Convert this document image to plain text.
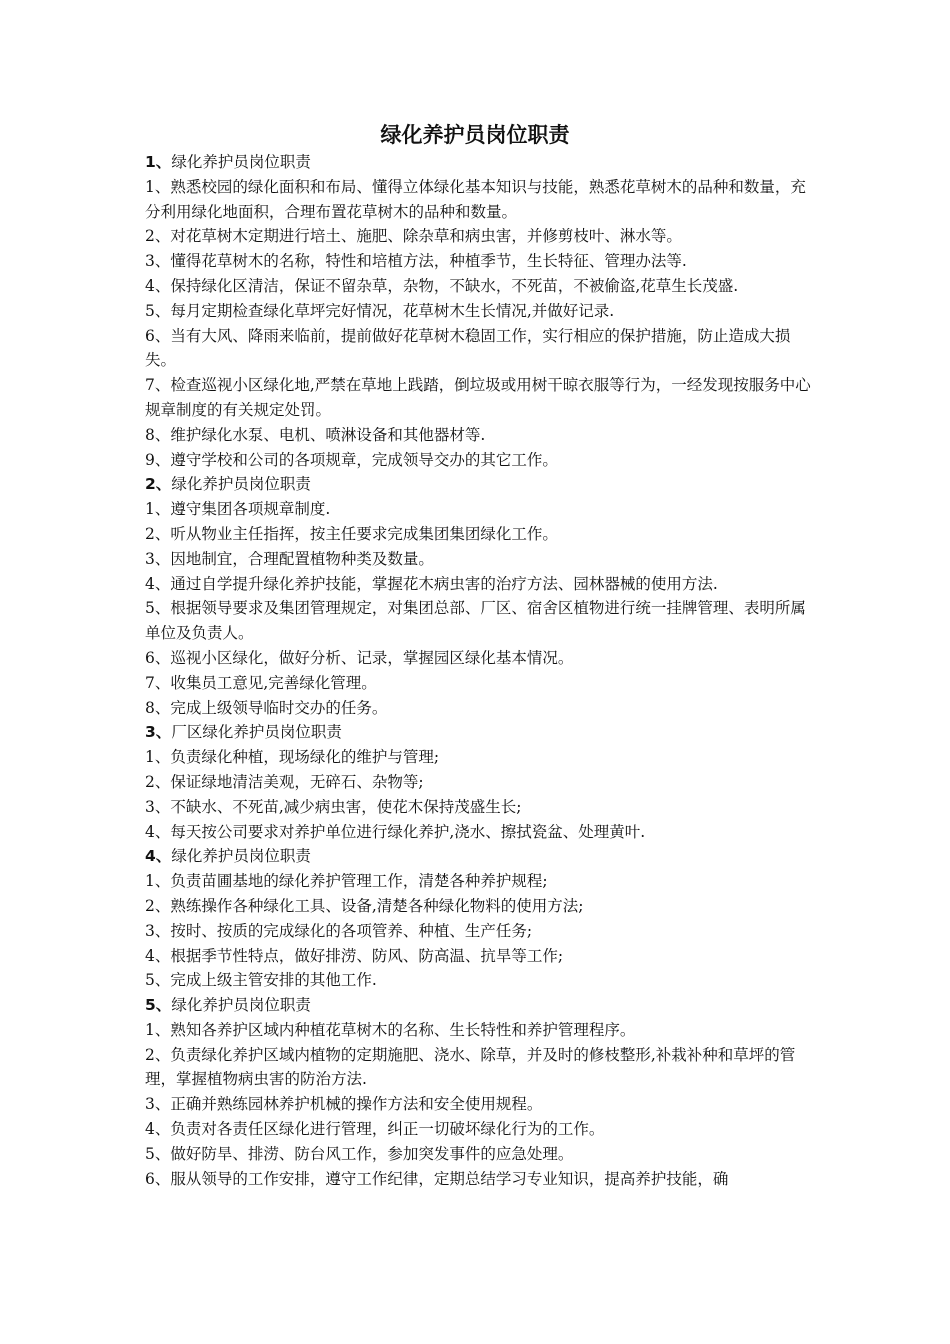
绿化养护员岗位职责

1、绿化养护员岗位职责

1、熟悉校园的绿化面积和布局、懂得立体绿化基本知识与技能，熟悉花草树木的品种和数量，充分利用绿化地面积，合理布置花草树木的品种和数量。

2、对花草树木定期进行培土、施肥、除杂草和病虫害，并修剪枝叶、淋水等。

3、懂得花草树木的名称，特性和培植方法，种植季节，生长特征、管理办法等.

4、保持绿化区清洁，保证不留杂草，杂物，不缺水，不死苗，不被偷盗,花草生长茂盛.

5、每月定期检查绿化草坪完好情况，花草树木生长情况,并做好记录.

6、当有大风、降雨来临前，提前做好花草树木稳固工作，实行相应的保护措施，防止造成大损失。

7、检查巡视小区绿化地,严禁在草地上践踏，倒垃圾或用树干晾衣服等行为，一经发现按服务中心规章制度的有关规定处罚。

8、维护绿化水泵、电机、喷淋设备和其他器材等.

9、遵守学校和公司的各项规章，完成领导交办的其它工作。

2、绿化养护员岗位职责

1、遵守集团各项规章制度.

2、听从物业主任指挥，按主任要求完成集团集团绿化工作。

3、因地制宜，合理配置植物种类及数量。

4、通过自学提升绿化养护技能，掌握花木病虫害的治疗方法、园林器械的使用方法.

5、根据领导要求及集团管理规定，对集团总部、厂区、宿舍区植物进行统一挂牌管理、表明所属单位及负责人。

6、巡视小区绿化，做好分析、记录，掌握园区绿化基本情况。

7、收集员工意见,完善绿化管理。

8、完成上级领导临时交办的任务。

3、厂区绿化养护员岗位职责

1、负责绿化种植，现场绿化的维护与管理;

2、保证绿地清洁美观，无碎石、杂物等;

3、不缺水、不死苗,减少病虫害，使花木保持茂盛生长;

4、每天按公司要求对养护单位进行绿化养护,浇水、擦拭瓷盆、处理黄叶.

4、绿化养护员岗位职责

1、负责苗圃基地的绿化养护管理工作，清楚各种养护规程;

2、熟练操作各种绿化工具、设备,清楚各种绿化物料的使用方法;

3、按时、按质的完成绿化的各项管养、种植、生产任务;

4、根据季节性特点，做好排涝、防风、防高温、抗旱等工作;

5、完成上级主管安排的其他工作.

5、绿化养护员岗位职责

1、熟知各养护区域内种植花草树木的名称、生长特性和养护管理程序。

2、负责绿化养护区域内植物的定期施肥、浇水、除草，并及时的修枝整形,补栽补种和草坪的管理，掌握植物病虫害的防治方法.

3、正确并熟练园林养护机械的操作方法和安全使用规程。

4、负责对各责任区绿化进行管理，纠正一切破坏绿化行为的工作。

5、做好防旱、排涝、防台风工作，参加突发事件的应急处理。

6、服从领导的工作安排，遵守工作纪律，定期总结学习专业知识，提高养护技能，确
